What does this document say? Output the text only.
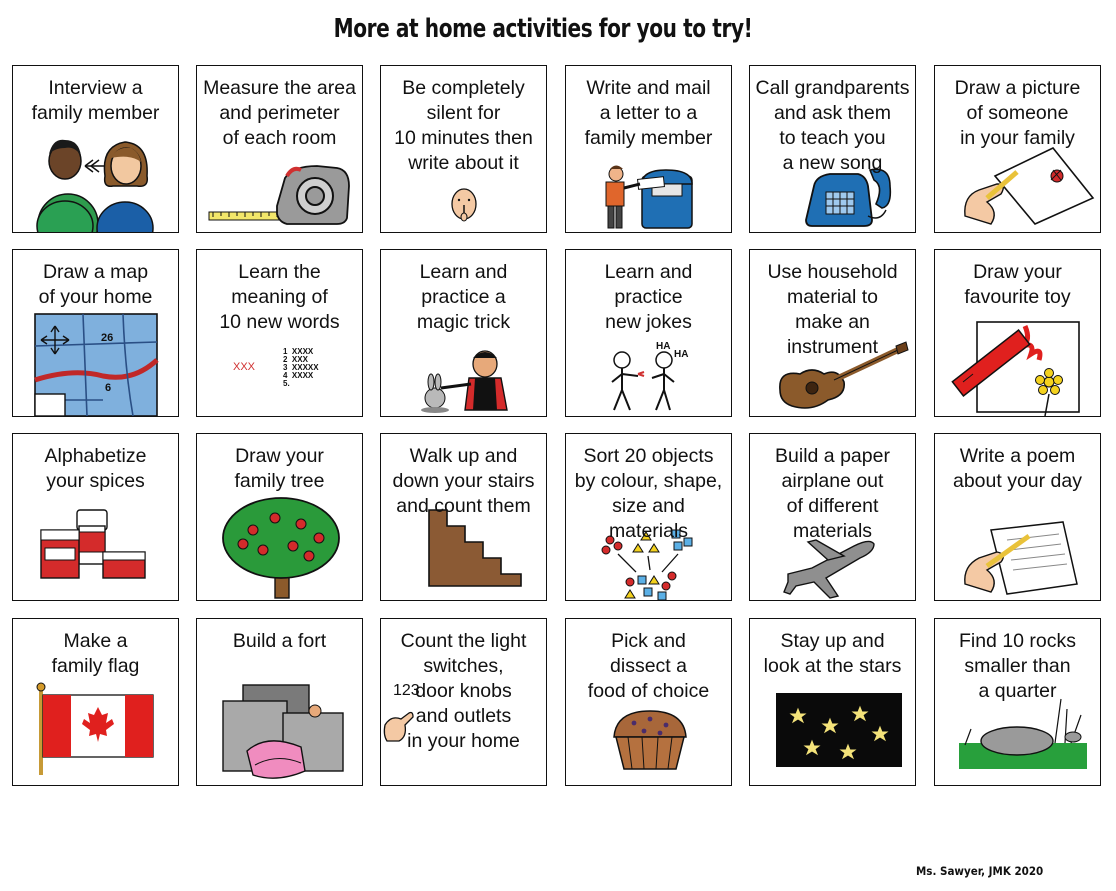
More at home activities for you to try!
Interview a
family member
Measure the area
and perimeter
of each room
Be completely
silent for
10 minutes then
write about it
Write and mail
a letter to a
family member
Call grandparents
and ask them
to teach you
a new song
Draw a picture
of someone
in your family
Draw a map
of your home
26
6
Learn the
meaning of
10 new words
XXX
1  XXXX
2  XXX
3  XXXXX
4  XXXX
5.
Learn and
practice a
magic trick
Learn and
practice
new jokes
HA
HA
Use household
material to
make an
instrument
Draw your
favourite toy
Alphabetize
your spices
Draw your
family tree
Walk up and
down your stairs
and count them
Sort 20 objects
by colour, shape,
size and
materials
Build a paper
airplane out
of different
materials
Write a poem
about your day
Make a
family flag
Build a fort	Count the light
switches,
door knobs
and outlets
in your home
123
Pick and
dissect a
food of choice
Stay up and
look at the stars
Find 10 rocks
smaller than
a quarter
Ms. Sawyer, JMK 2020
